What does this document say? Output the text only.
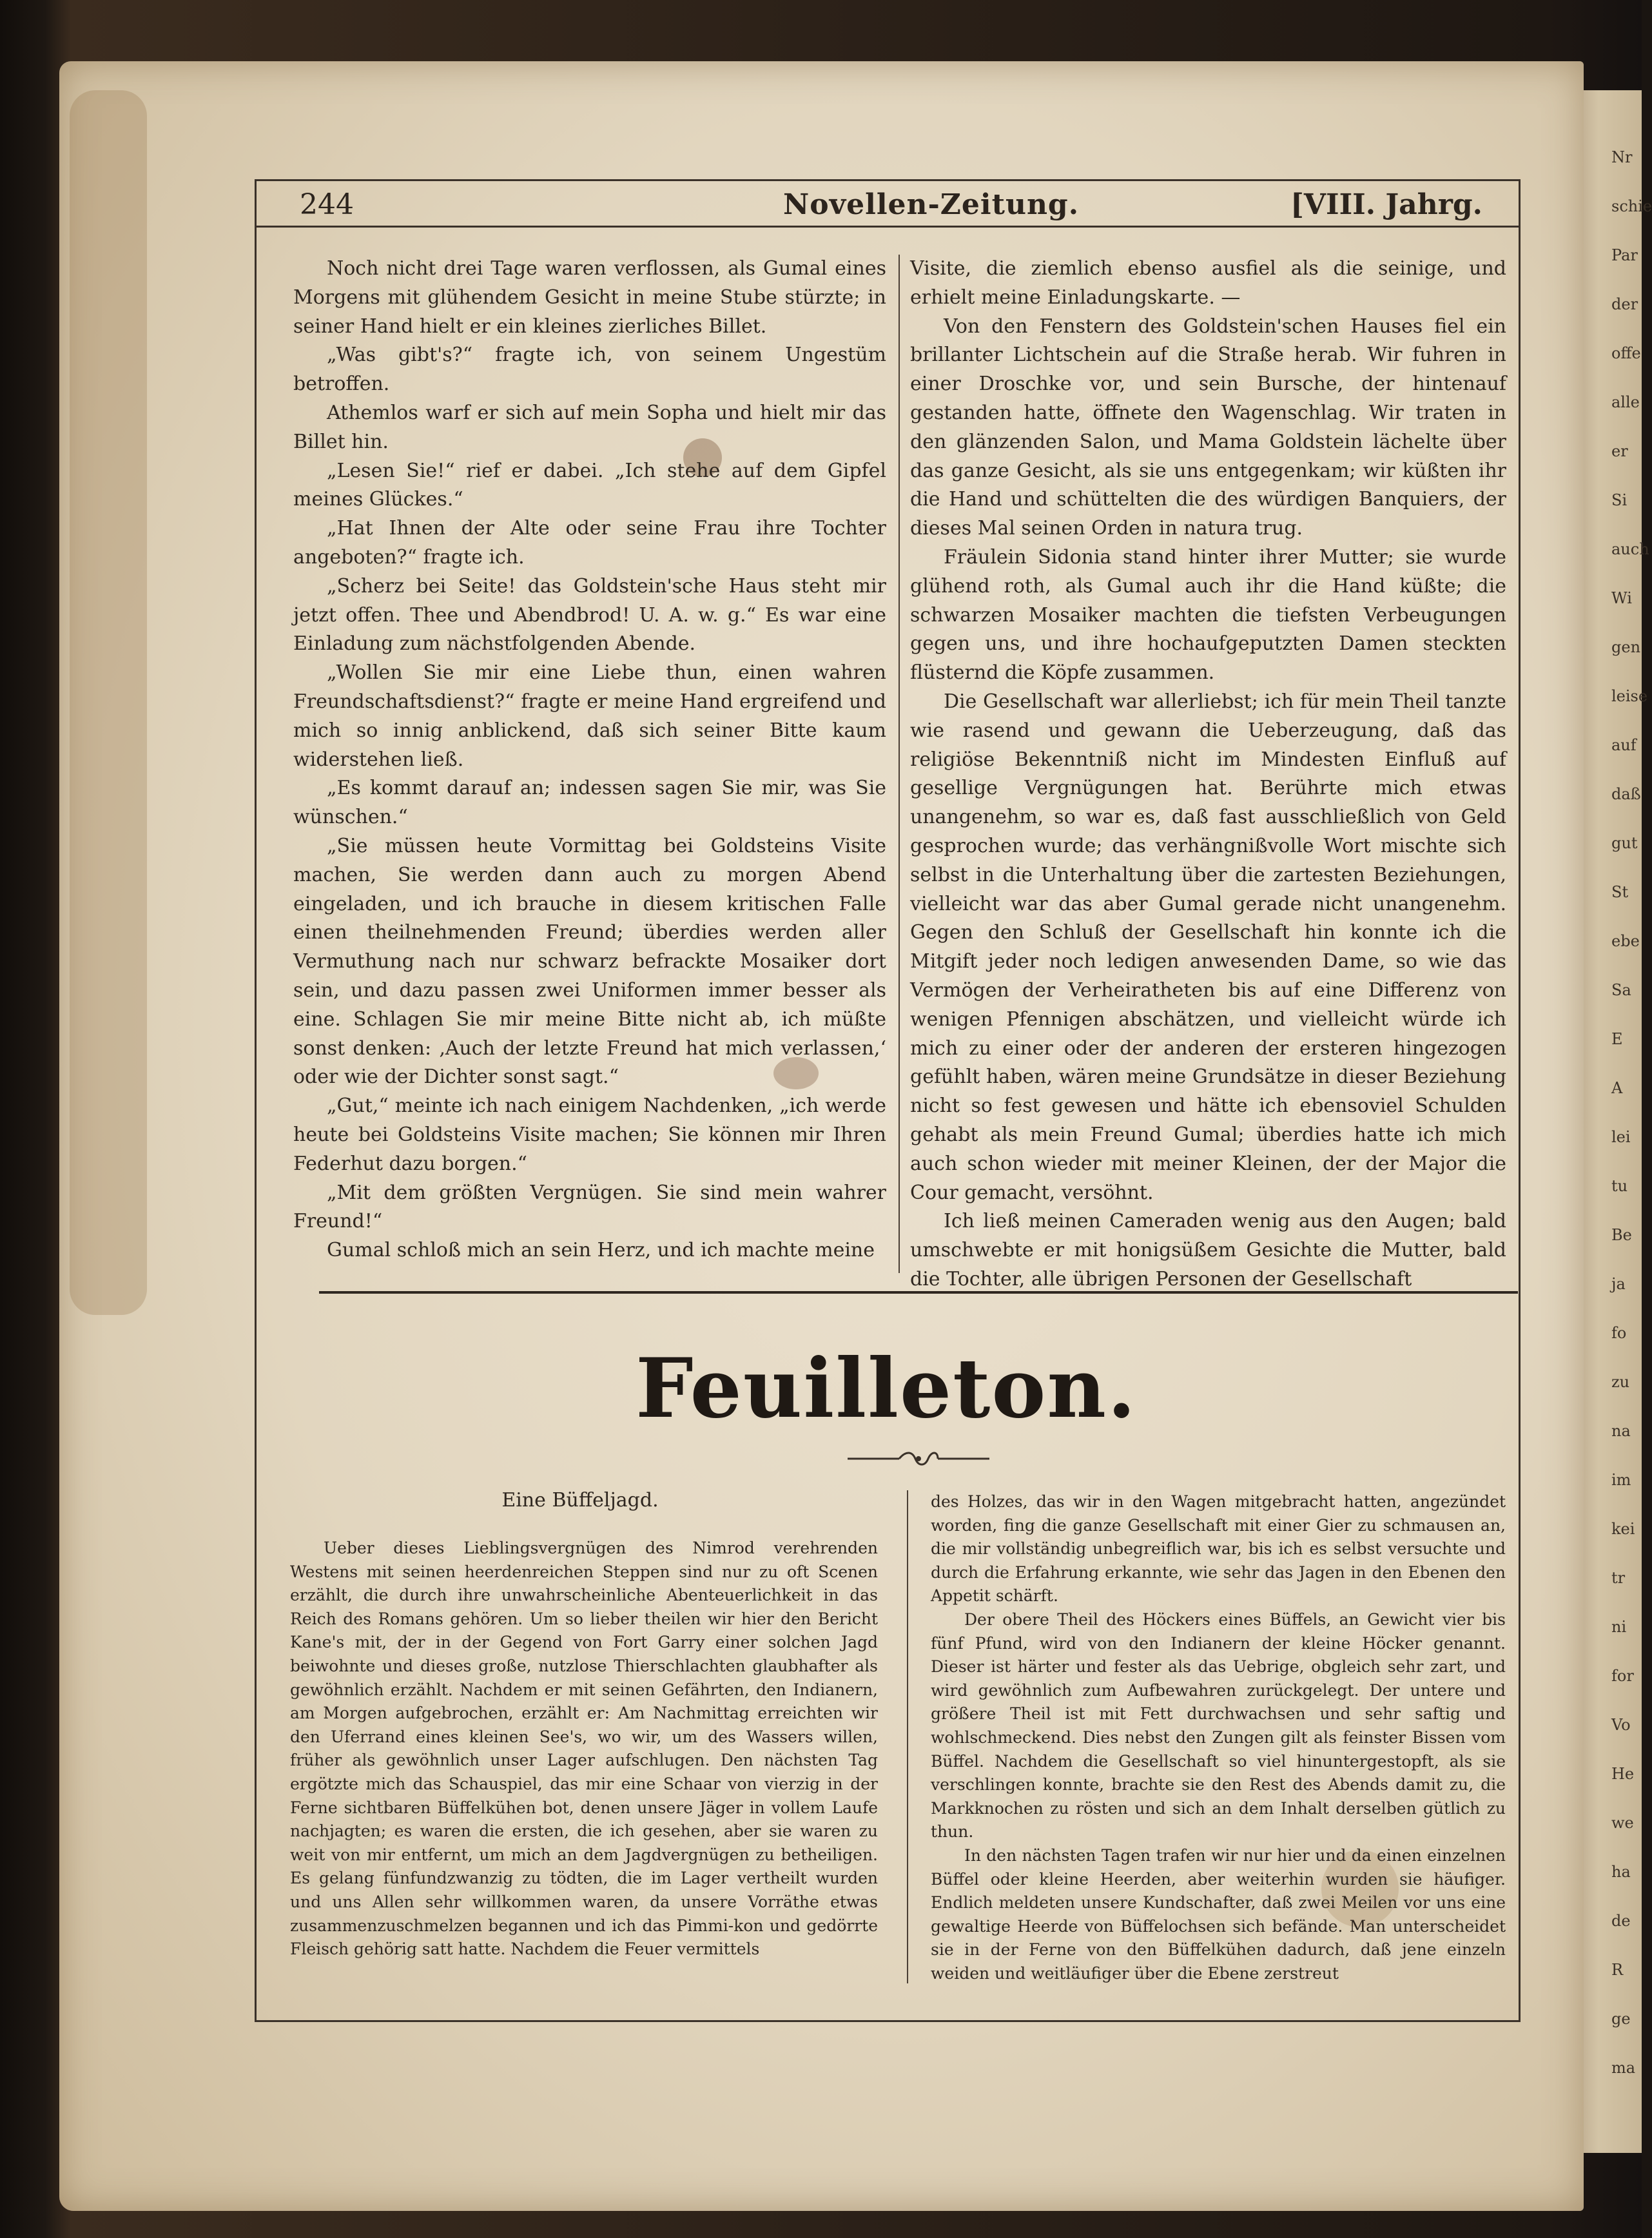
Nr
schie
Par
der
offe
alle
er
Si
auch
Wi
gen
leise
auf
daß
gut
St
ebe
Sa
E
A
lei
tu
Be
ja
fo
zu
na
im
kei
tr
ni
for
Vo
He
we
ha
de
R
ge
ma
244	Novellen-Zeitung.	[VIII. Jahrg.

Noch nicht drei Tage waren verflossen, als Gumal eines Morgens mit glühendem Gesicht in meine Stube stürzte; in seiner Hand hielt er ein kleines zierliches Billet.

„Was gibt's?“ fragte ich, von seinem Ungestüm betroffen.

Athemlos warf er sich auf mein Sopha und hielt mir das Billet hin.

„Lesen Sie!“ rief er dabei. „Ich stehe auf dem Gipfel meines Glückes.“

„Hat Ihnen der Alte oder seine Frau ihre Tochter angeboten?“ fragte ich.

„Scherz bei Seite! das Goldstein'sche Haus steht mir jetzt offen. Thee und Abendbrod! U. A. w. g.“ Es war eine Einladung zum nächstfolgenden Abende.

„Wollen Sie mir eine Liebe thun, einen wahren Freundschaftsdienst?“ fragte er meine Hand ergreifend und mich so innig anblickend, daß sich seiner Bitte kaum widerstehen ließ.

„Es kommt darauf an; indessen sagen Sie mir, was Sie wünschen.“

„Sie müssen heute Vormittag bei Goldsteins Visite machen, Sie werden dann auch zu morgen Abend eingeladen, und ich brauche in diesem kritischen Falle einen theilnehmenden Freund; überdies werden aller Vermuthung nach nur schwarz befrackte Mosaiker dort sein, und dazu passen zwei Uniformen immer besser als eine. Schlagen Sie mir meine Bitte nicht ab, ich müßte sonst denken: ‚Auch der letzte Freund hat mich verlassen,‘ oder wie der Dichter sonst sagt.“

„Gut,“ meinte ich nach einigem Nachdenken, „ich werde heute bei Goldsteins Visite machen; Sie können mir Ihren Federhut dazu borgen.“

„Mit dem größten Vergnügen. Sie sind mein wahrer Freund!“

Gumal schloß mich an sein Herz, und ich machte meine

Visite, die ziemlich ebenso ausfiel als die seinige, und erhielt meine Einladungskarte. —

Von den Fenstern des Goldstein'schen Hauses fiel ein brillanter Lichtschein auf die Straße herab. Wir fuhren in einer Droschke vor, und sein Bursche, der hintenauf gestanden hatte, öffnete den Wagenschlag. Wir traten in den glänzenden Salon, und Mama Goldstein lächelte über das ganze Gesicht, als sie uns entgegenkam; wir küßten ihr die Hand und schüttelten die des würdigen Banquiers, der dieses Mal seinen Orden in natura trug.

Fräulein Sidonia stand hinter ihrer Mutter; sie wurde glühend roth, als Gumal auch ihr die Hand küßte; die schwarzen Mosaiker machten die tiefsten Verbeugungen gegen uns, und ihre hochaufgeputzten Damen steckten flüsternd die Köpfe zusammen.

Die Gesellschaft war allerliebst; ich für mein Theil tanzte wie rasend und gewann die Ueberzeugung, daß das religiöse Bekenntniß nicht im Mindesten Einfluß auf gesellige Vergnügungen hat. Berührte mich etwas unangenehm, so war es, daß fast ausschließlich von Geld gesprochen wurde; das verhängnißvolle Wort mischte sich selbst in die Unterhaltung über die zartesten Beziehungen, vielleicht war das aber Gumal gerade nicht unangenehm. Gegen den Schluß der Gesellschaft hin konnte ich die Mitgift jeder noch ledigen anwesenden Dame, so wie das Vermögen der Verheiratheten bis auf eine Differenz von wenigen Pfennigen abschätzen, und vielleicht würde ich mich zu einer oder der anderen der ersteren hingezogen gefühlt haben, wären meine Grundsätze in dieser Beziehung nicht so fest gewesen und hätte ich ebensoviel Schulden gehabt als mein Freund Gumal; überdies hatte ich mich auch schon wieder mit meiner Kleinen, der der Major die Cour gemacht, versöhnt.

Ich ließ meinen Cameraden wenig aus den Augen; bald umschwebte er mit honigsüßem Gesichte die Mutter, bald die Tochter, alle übrigen Personen der Gesellschaft

Feuilleton.
Eine Büffeljagd.

Ueber dieses Lieblingsvergnügen des Nimrod verehrenden Westens mit seinen heerdenreichen Steppen sind nur zu oft Scenen erzählt, die durch ihre unwahrscheinliche Abenteuerlichkeit in das Reich des Romans gehören. Um so lieber theilen wir hier den Bericht Kane's mit, der in der Gegend von Fort Garry einer solchen Jagd beiwohnte und dieses große, nutzlose Thierschlachten glaubhafter als gewöhnlich erzählt. Nachdem er mit seinen Gefährten, den Indianern, am Morgen aufgebrochen, erzählt er: Am Nachmittag erreichten wir den Uferrand eines kleinen See's, wo wir, um des Wassers willen, früher als gewöhnlich unser Lager aufschlugen. Den nächsten Tag ergötzte mich das Schauspiel, das mir eine Schaar von vierzig in der Ferne sichtbaren Büffelkühen bot, denen unsere Jäger in vollem Laufe nachjagten; es waren die ersten, die ich gesehen, aber sie waren zu weit von mir entfernt, um mich an dem Jagdvergnügen zu betheiligen. Es gelang fünfundzwanzig zu tödten, die im Lager vertheilt wurden und uns Allen sehr willkommen waren, da unsere Vorräthe etwas zusammenzuschmelzen begannen und ich das Pimmi-kon und gedörrte Fleisch gehörig satt hatte. Nachdem die Feuer vermittels

des Holzes, das wir in den Wagen mitgebracht hatten, angezündet worden, fing die ganze Gesellschaft mit einer Gier zu schmausen an, die mir vollständig unbegreiflich war, bis ich es selbst versuchte und durch die Erfahrung erkannte, wie sehr das Jagen in den Ebenen den Appetit schärft.

Der obere Theil des Höckers eines Büffels, an Gewicht vier bis fünf Pfund, wird von den Indianern der kleine Höcker genannt. Dieser ist härter und fester als das Uebrige, obgleich sehr zart, und wird gewöhnlich zum Aufbewahren zurückgelegt. Der untere und größere Theil ist mit Fett durchwachsen und sehr saftig und wohlschmeckend. Dies nebst den Zungen gilt als feinster Bissen vom Büffel. Nachdem die Gesellschaft so viel hinuntergestopft, als sie verschlingen konnte, brachte sie den Rest des Abends damit zu, die Markknochen zu rösten und sich an dem Inhalt derselben gütlich zu thun.

In den nächsten Tagen trafen wir nur hier und da einen einzelnen Büffel oder kleine Heerden, aber weiterhin wurden sie häufiger. Endlich meldeten unsere Kundschafter, daß zwei Meilen vor uns eine gewaltige Heerde von Büffelochsen sich befände. Man unterscheidet sie in der Ferne von den Büffelkühen dadurch, daß jene einzeln weiden und weitläufiger über die Ebene zerstreut
